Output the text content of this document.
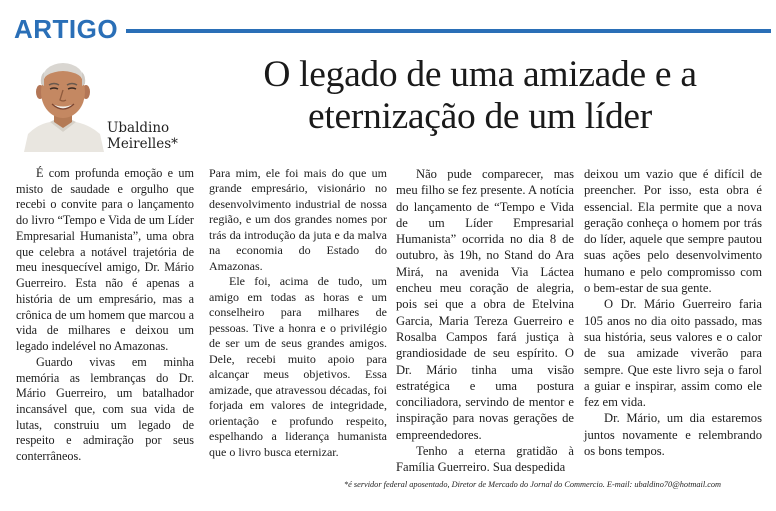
ARTIGO
Ubaldino
Meirelles*
O legado de uma amizade e a
eternização de um líder

É com profunda emoção e um misto de saudade e orgulho que recebi o convite para o lançamento do livro “Tempo e Vida de um Líder Empresarial Humanista”, uma obra que celebra a notável trajetória de meu inesquecível amigo, Dr. Mário Guerreiro. Esta não é apenas a história de um empresário, mas a crônica de um homem que marcou a vida de milhares e deixou um legado indelével no Amazonas.

Guardo vivas em minha memória as lembranças do Dr. Mário Guerreiro, um batalhador incansável que, com sua vida de lutas, construiu um legado de respeito e admiração por seus conterrâneos.

Para mim, ele foi mais do que um grande empresário, visionário no desenvolvimento industrial de nossa região, e um dos grandes nomes por trás da introdução da juta e da malva na economia do Estado do Amazonas.

Ele foi, acima de tudo, um amigo em todas as horas e um conselheiro para milhares de pessoas. Tive a honra e o privilégio de ser um de seus grandes amigos. Dele, recebi muito apoio para alcançar meus objetivos. Essa amizade, que atravessou décadas, foi forjada em valores de integridade, orientação e profundo respeito, espelhando a liderança humanista que o livro busca eternizar.

Não pude comparecer, mas meu filho se fez presente. A notícia do lançamento de “Tempo e Vida de um Líder Empresarial Humanista” ocorrida no dia 8 de outubro, às 19h, no Stand do Ara Mirá, na avenida Via Láctea encheu meu coração de alegria, pois sei que a obra de Etelvina Garcia, Maria Tereza Guerreiro e Rosalba Campos fará justiça à grandiosidade de seu espírito. O Dr. Mário tinha uma visão estratégica e uma postura conciliadora, servindo de mentor e inspiração para novas gerações de empreendedores.

Tenho a eterna gratidão à Família Guerreiro. Sua despedida

deixou um vazio que é difícil de preencher. Por isso, esta obra é essencial. Ela permite que a nova geração conheça o homem por trás do líder, aquele que sempre pautou suas ações pelo desenvolvimento humano e pelo compromisso com o bem-estar de sua gente.

O Dr. Mário Guerreiro faria 105 anos no dia oito passado, mas sua história, seus valores e o calor de sua amizade viverão para sempre. Que este livro seja o farol a guiar e inspirar, assim como ele fez em vida.

Dr. Mário, um dia estaremos juntos novamente e relembrando os bons tempos.

*é servidor federal aposentado, Diretor de Mercado do Jornal do Commercio. E-mail: ubaldino70@hotmail.com
